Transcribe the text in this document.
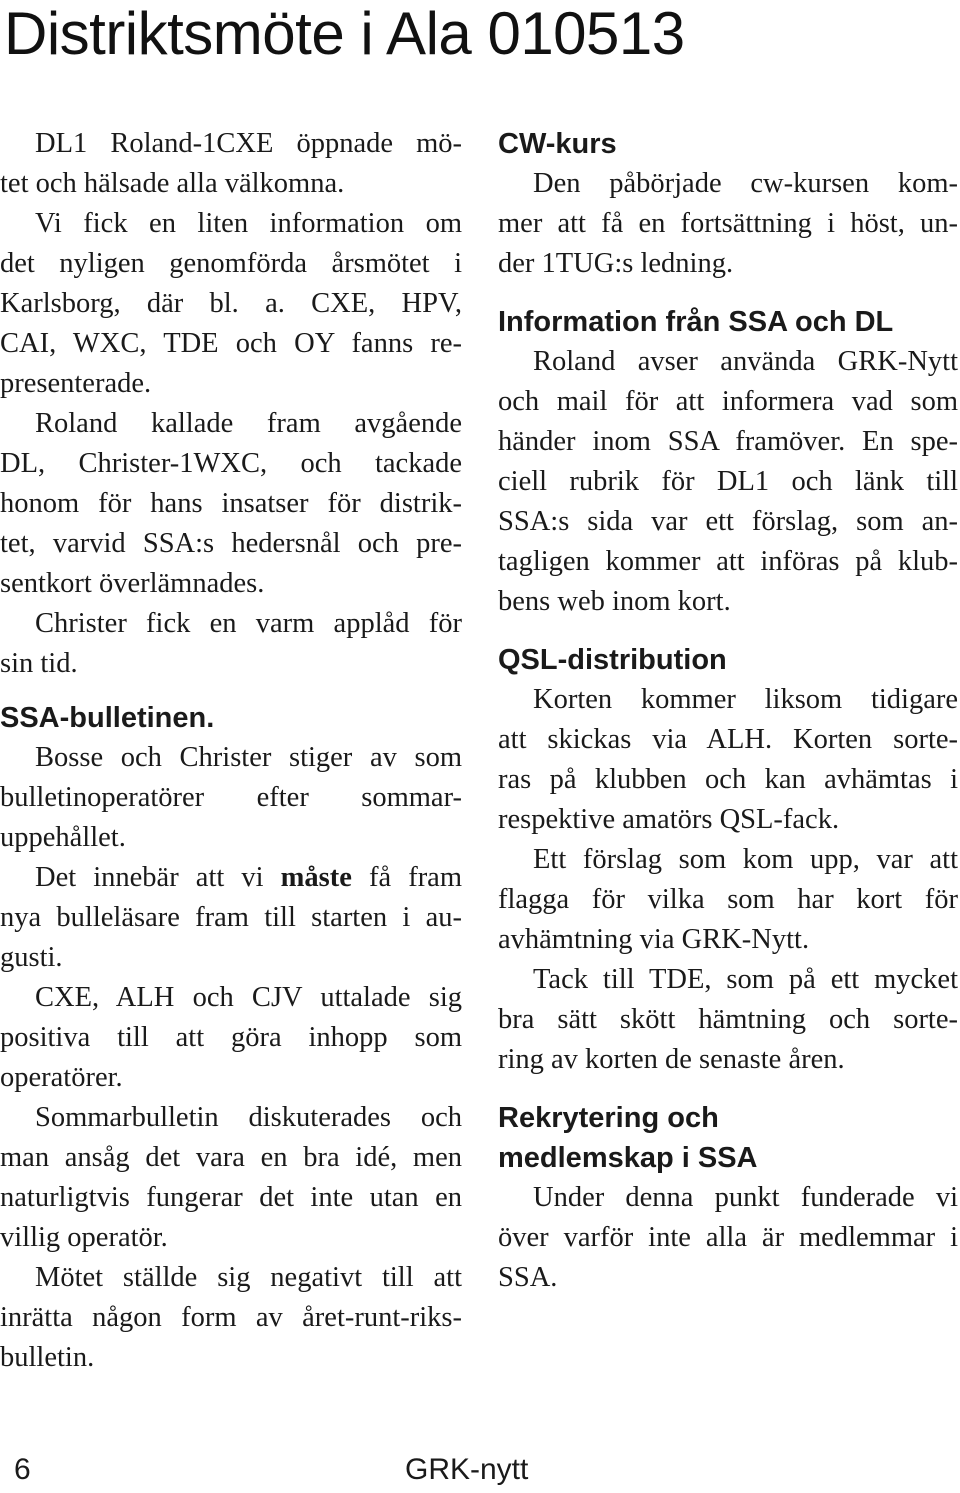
Distriktsmöte i Ala 010513
DL1 Roland-1CXE öppnade mö-
tet och hälsade alla välkomna.
Vi fick en liten information om
det nyligen genomförda årsmötet i
Karlsborg, där bl. a. CXE, HPV,
CAI, WXC, TDE och OY fanns re-
presenterade.
Roland kallade fram avgående
DL, Christer-1WXC, och tackade
honom för hans insatser för distrik-
tet, varvid SSA:s hedersnål och pre-
sentkort överlämnades.
Christer fick en varm applåd för
sin tid.
SSA-bulletinen.
Bosse och Christer stiger av som
bulletinoperatörer efter sommar-
uppehållet.
Det innebär att vi måste få fram
nya bulleläsare fram till starten i au-
gusti.
CXE, ALH och CJV uttalade sig
positiva till att göra inhopp som
operatörer.
Sommarbulletin diskuterades och
man ansåg det vara en bra idé, men
naturligtvis fungerar det inte utan en
villig operatör.
Mötet ställde sig negativt till att
inrätta någon form av året-runt-riks-
bulletin.
CW-kurs
Den påbörjade cw-kursen kom-
mer att få en fortsättning i höst, un-
der 1TUG:s ledning.
Information från SSA och DL
Roland avser använda GRK-Nytt
och mail för att informera vad som
händer inom SSA framöver. En spe-
ciell rubrik för DL1 och länk till
SSA:s sida var ett förslag, som an-
tagligen kommer att införas på klub-
bens web inom kort.
QSL-distribution
Korten kommer liksom tidigare
att skickas via ALH. Korten sorte-
ras på klubben och kan avhämtas i
respektive amatörs QSL-fack.
Ett förslag som kom upp, var att
flagga för vilka som har kort för
avhämtning via GRK-Nytt.
Tack till TDE, som på ett mycket
bra sätt skött hämtning och sorte-
ring av korten de senaste åren.
Rekrytering och
medlemskap i SSA
Under denna punkt funderade vi
över varför inte alla är medlemmar i
SSA.
6	GRK-nytt
